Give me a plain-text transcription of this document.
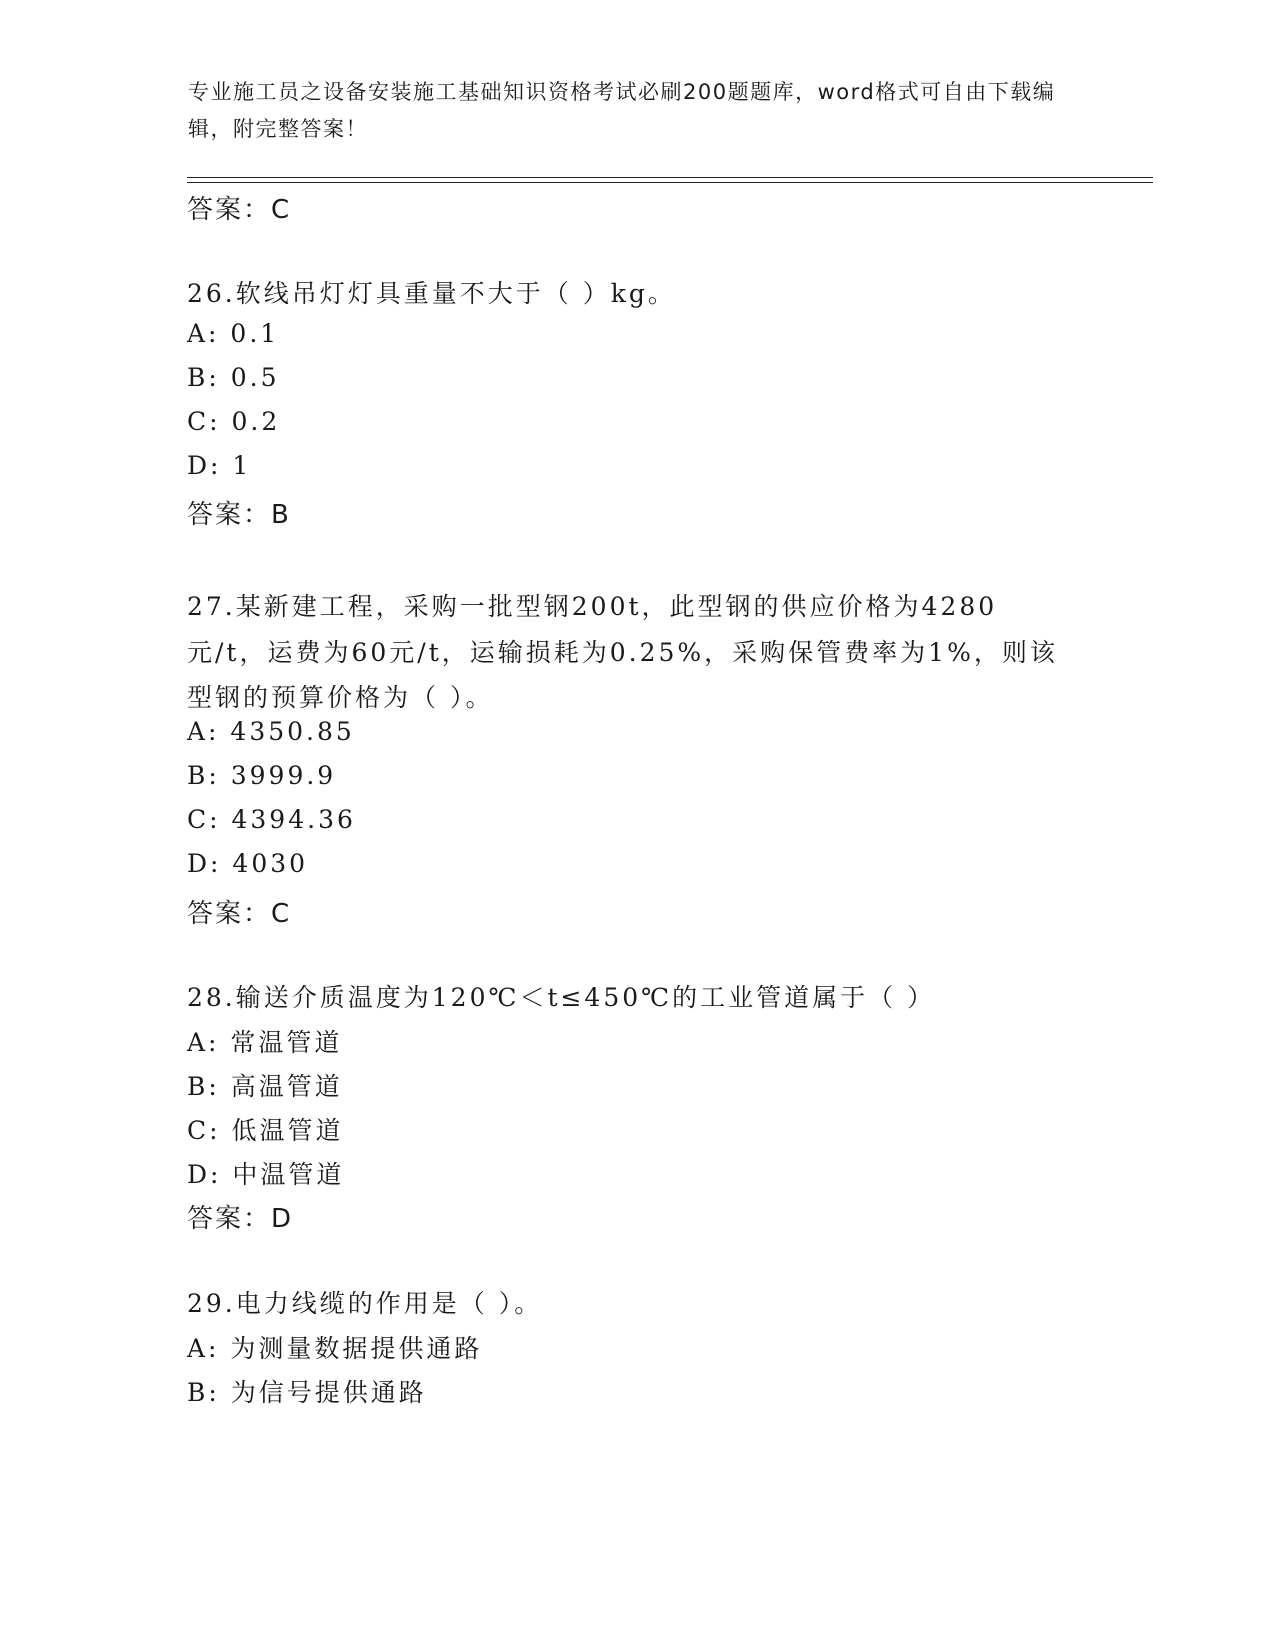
专业施工员之设备安装施工基础知识资格考试必刷200题题库，word格式可自由下载编辑，附完整答案！
答案：C
26.软线吊灯灯具重量不大于（ ）kg。
A: 0.1
B: 0.5
C: 0.2
D: 1
答案：B
27.某新建工程，采购一批型钢200t，此型钢的供应价格为4280元/t，运费为60元/t，运输损耗为0.25%，采购保管费率为1%，则该型钢的预算价格为（ ）。
A: 4350.85
B: 3999.9
C: 4394.36
D: 4030
答案：C
28.输送介质温度为120℃＜t≤450℃的工业管道属于（ ）
A: 常温管道
B: 高温管道
C: 低温管道
D: 中温管道
答案：D
29.电力线缆的作用是（ ）。
A: 为测量数据提供通路
B: 为信号提供通路
